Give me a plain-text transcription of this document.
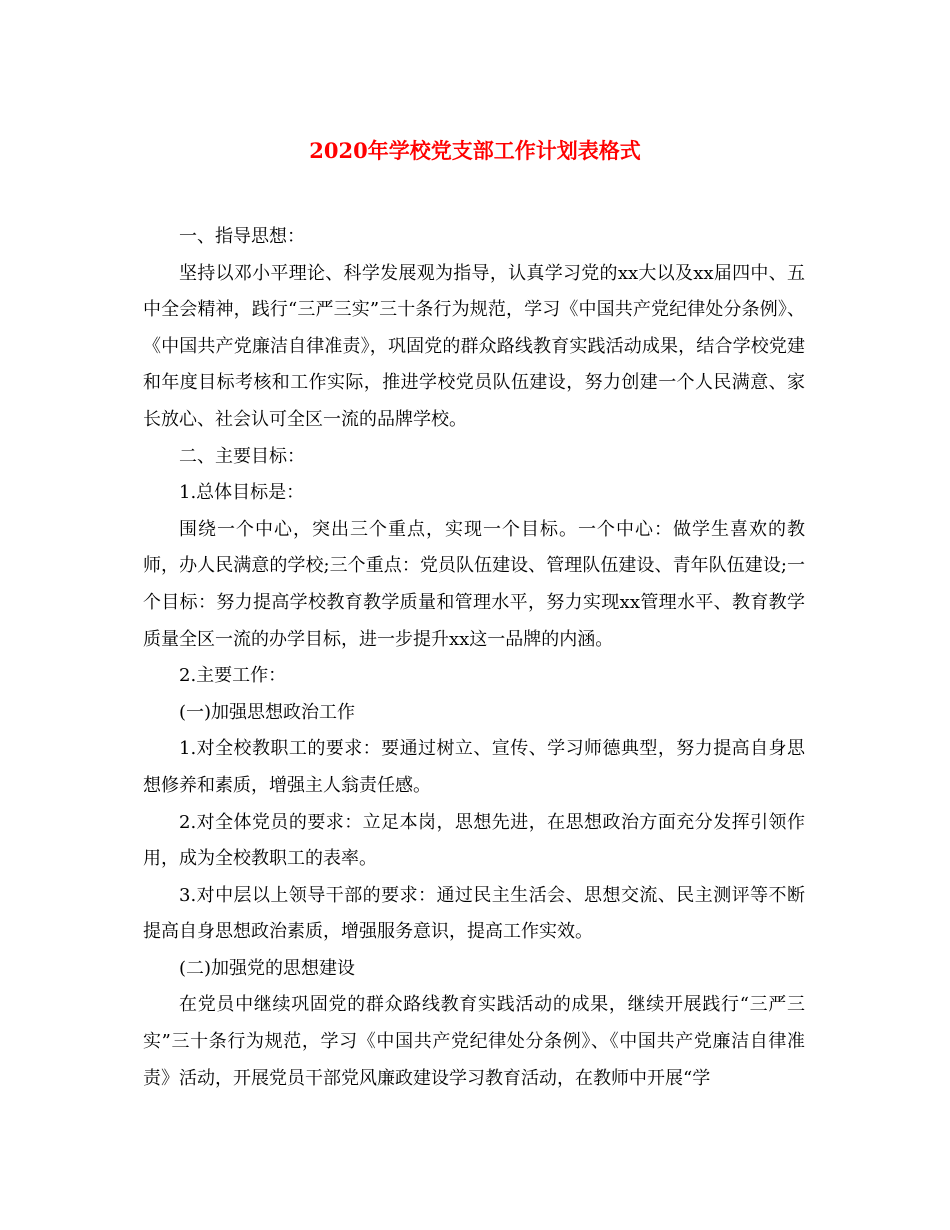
2020年学校党支部工作计划表格式

一、指导思想：

坚持以邓小平理论、科学发展观为指导，认真学习党的xx大以及xx届四中、五中全会精神，践行“三严三实”三十条行为规范，学习《中国共产党纪律处分条例》、《中国共产党廉洁自律准责》，巩固党的群众路线教育实践活动成果，结合学校党建和年度目标考核和工作实际，推进学校党员队伍建设，努力创建一个人民满意、家长放心、社会认可全区一流的品牌学校。

二、主要目标：

1.总体目标是：

围绕一个中心，突出三个重点，实现一个目标。一个中心：做学生喜欢的教师，办人民满意的学校;三个重点：党员队伍建设、管理队伍建设、青年队伍建设;一个目标：努力提高学校教育教学质量和管理水平，努力实现xx管理水平、教育教学质量全区一流的办学目标，进一步提升xx这一品牌的内涵。

2.主要工作：

(一)加强思想政治工作

1.对全校教职工的要求：要通过树立、宣传、学习师德典型，努力提高自身思想修养和素质，增强主人翁责任感。

2.对全体党员的要求：立足本岗，思想先进，在思想政治方面充分发挥引领作用，成为全校教职工的表率。

3.对中层以上领导干部的要求：通过民主生活会、思想交流、民主测评等不断提高自身思想政治素质，增强服务意识，提高工作实效。

(二)加强党的思想建设

在党员中继续巩固党的群众路线教育实践活动的成果，继续开展践行“三严三实”三十条行为规范，学习《中国共产党纪律处分条例》、《中国共产党廉洁自律准责》活动，开展党员干部党风廉政建设学习教育活动，在教师中开展“学
